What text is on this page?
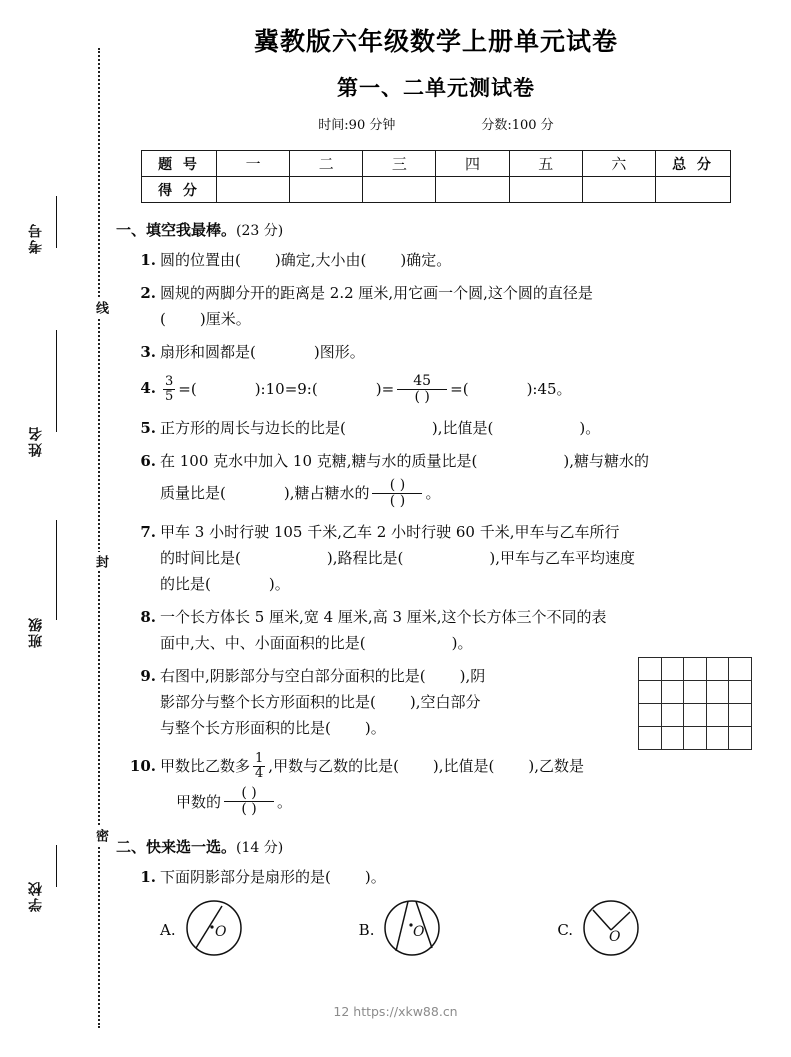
考号
姓名
班级
学校
线
封
密
冀教版六年级数学上册单元试卷
第一、二单元测试卷
时间:90 分钟	分数:100 分
题 号	一	二	三	四	五	六	总 分
得 分							
一、填空我最棒。(23 分)
1. 圆的位置由( )确定,大小由( )确定。
2. 圆规的两脚分开的距离是 2.2 厘米,用它画一个圆,这个圆的直径是
( )厘米。
3. 扇形和圆都是(	)图形。
4. $\frac{3}{5}$ =(	):10=9:(	)= $\frac{45}{( )}$ =(	):45。
5. 正方形的周长与边长的比是(	),比值是(	)。
6. 在 100 克水中加入 10 克糖,糖与水的质量比是(	),糖与糖水的
质量比是(	),糖占糖水的 $\frac{( )}{( )}$ 。
7. 甲车 3 小时行驶 105 千米,乙车 2 小时行驶 60 千米,甲车与乙车所行
的时间比是(	),路程比是(	),甲车与乙车平均速度
的比是(	)。
8. 一个长方体长 5 厘米,宽 4 厘米,高 3 厘米,这个长方体三个不同的表
面中,大、中、小面面积的比是(	)。
9. 右图中,阴影部分与空白部分面积的比是( ),阴
影部分与整个长方形面积的比是( ),空白部分
与整个长方形面积的比是( )。
10. 甲数比乙数多 $\frac{1}{4}$ ,甲数与乙数的比是( ),比值是( ),乙数是
甲数的 $\frac{( )}{( )}$ 。
二、快来选一选。(14 分)
1. 下面阴影部分是扇形的是( )。
A.	O	B.	O	C.	O
12 https://xkw88.cn
